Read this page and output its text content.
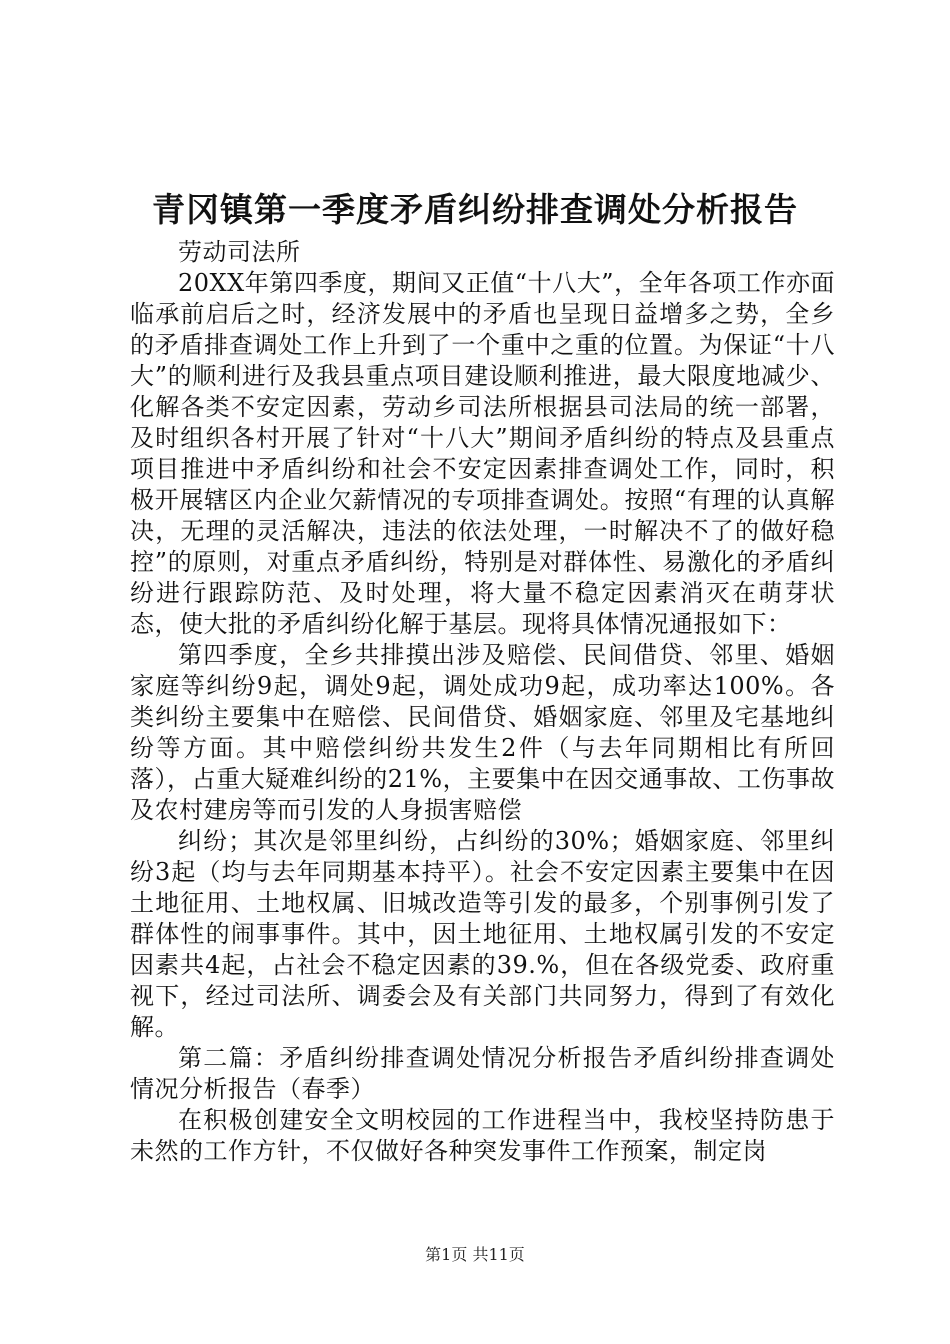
青冈镇第一季度矛盾纠纷排查调处分析报告

劳动司法所

20XX年第四季度，期间又正值“十八大”，全年各项工作亦面临承前启后之时，经济发展中的矛盾也呈现日益增多之势，全乡的矛盾排查调处工作上升到了一个重中之重的位置。为保证“十八大”的顺利进行及我县重点项目建设顺利推进，最大限度地减少、化解各类不安定因素，劳动乡司法所根据县司法局的统一部署，及时组织各村开展了针对“十八大”期间矛盾纠纷的特点及县重点项目推进中矛盾纠纷和社会不安定因素排查调处工作，同时，积极开展辖区内企业欠薪情况的专项排查调处。按照“有理的认真解决，无理的灵活解决，违法的依法处理，一时解决不了的做好稳控”的原则，对重点矛盾纠纷，特别是对群体性、易激化的矛盾纠纷进行跟踪防范、及时处理，将大量不稳定因素消灭在萌芽状态，使大批的矛盾纠纷化解于基层。现将具体情况通报如下：

第四季度，全乡共排摸出涉及赔偿、民间借贷、邻里、婚姻家庭等纠纷9起，调处9起，调处成功9起，成功率达100%。各类纠纷主要集中在赔偿、民间借贷、婚姻家庭、邻里及宅基地纠纷等方面。其中赔偿纠纷共发生2件（与去年同期相比有所回落），占重大疑难纠纷的21%，主要集中在因交通事故、工伤事故及农村建房等而引发的人身损害赔偿

纠纷；其次是邻里纠纷，占纠纷的30%；婚姻家庭、邻里纠纷3起（均与去年同期基本持平）。社会不安定因素主要集中在因土地征用、土地权属、旧城改造等引发的最多，个别事例引发了群体性的闹事事件。其中，因土地征用、土地权属引发的不安定因素共4起，占社会不稳定因素的39.%，但在各级党委、政府重视下，经过司法所、调委会及有关部门共同努力，得到了有效化解。

第二篇：矛盾纠纷排查调处情况分析报告矛盾纠纷排查调处情况分析报告（春季）

在积极创建安全文明校园的工作进程当中，我校坚持防患于未然的工作方针，不仅做好各种突发事件工作预案，制定岗

第1页 共11页
